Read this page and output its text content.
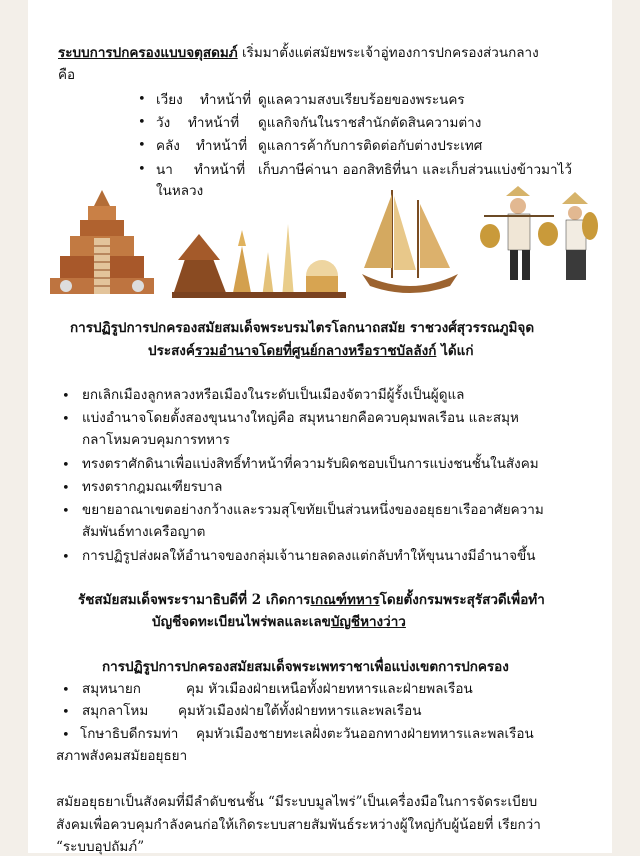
ระบบการปกครองแบบจตุสดมภ์ เริ่มมาตั้งแต่สมัยพระเจ้าอู่ทองการปกครองส่วนกลาง
คือ
• เวียง ทำหน้าที่ ดูแลความสงบเรียบร้อยของพระนคร
• วัง ทำหน้าที่ ดูแลกิจกันในราชสำนักตัดสินความต่าง
• คลัง ทำหน้าที่ ดูแลการค้ากับการติดต่อกับต่างประเทศ
• นา ทำหน้าที่ เก็บภาษีค่านา ออกสิทธิที่นา และเก็บส่วนแบ่งข้าวมาไว้
ในหลวง
การปฏิรูปการปกครองสมัยสมเด็จพระบรมไตรโลกนาถสมัย ราชวงศ์สุวรรณภูมิจุด
ประสงค์รวมอำนาจโดยที่ศูนย์กลางหรือราชบัลลังก์ ได้แก่
• ยกเลิกเมืองลูกหลวงหรือเมืองในระดับเป็นเมืองจัตวามีผู้รั้งเป็นผู้ดูแล
• แบ่งอำนาจโดยตั้งสองขุนนางใหญ่คือ สมุหนายกคือควบคุมพลเรือน และสมุห
กลาโหมควบคุมการทหาร
• ทรงตราศักดินาเพื่อแบ่งสิทธิ์ทำหน้าที่ความรับผิดชอบเป็นการแบ่งชนชั้นในสังคม
• ทรงตรากฎมณเฑียรบาล
• ขยายอาณาเขตอย่างกว้างและรวมสุโขทัยเป็นส่วนหนึ่งของอยุธยาเรืออาศัยความ
สัมพันธ์ทางเครือญาต
• การปฏิรูปส่งผลให้อำนาจของกลุ่มเจ้านายลดลงแต่กลับทำให้ขุนนางมีอำนาจขึ้น
รัชสมัยสมเด็จพระรามาธิบดีที่ 2 เกิดการเกณฑ์ทหารโดยตั้งกรมพระสุรัสวดีเพื่อทำ
บัญชีจดทะเบียนไพร่พลและเลขบัญชีหางว่าว
การปฏิรูปการปกครองสมัยสมเด็จพระเพทราชาเพื่อแบ่งเขตการปกครอง
• สมุหนายก	คุม หัวเมืองฝ่ายเหนือทั้งฝ่ายทหารและฝ่ายพลเรือน
• สมุกลาโหม คุมหัวเมืองฝ่ายใต้ทั้งฝ่ายทหารและพลเรือน
• โกษาธิบดีกรมท่า คุมหัวเมืองชายทะเลฝั่งตะวันออกทางฝ่ายทหารและพลเรือน
สภาพสังคมสมัยอยุธยา
สมัยอยุธยาเป็นสังคมที่มีลำดับชนชั้น “มีระบบมูลไพร่”เป็นเครื่องมือในการจัดระเบียบ
สังคมเพื่อควบคุมกำลังคนก่อให้เกิดระบบสายสัมพันธ์ระหว่างผู้ใหญ่กับผู้น้อยที่ เรียกว่า
“ระบบอุปถัมภ์”
